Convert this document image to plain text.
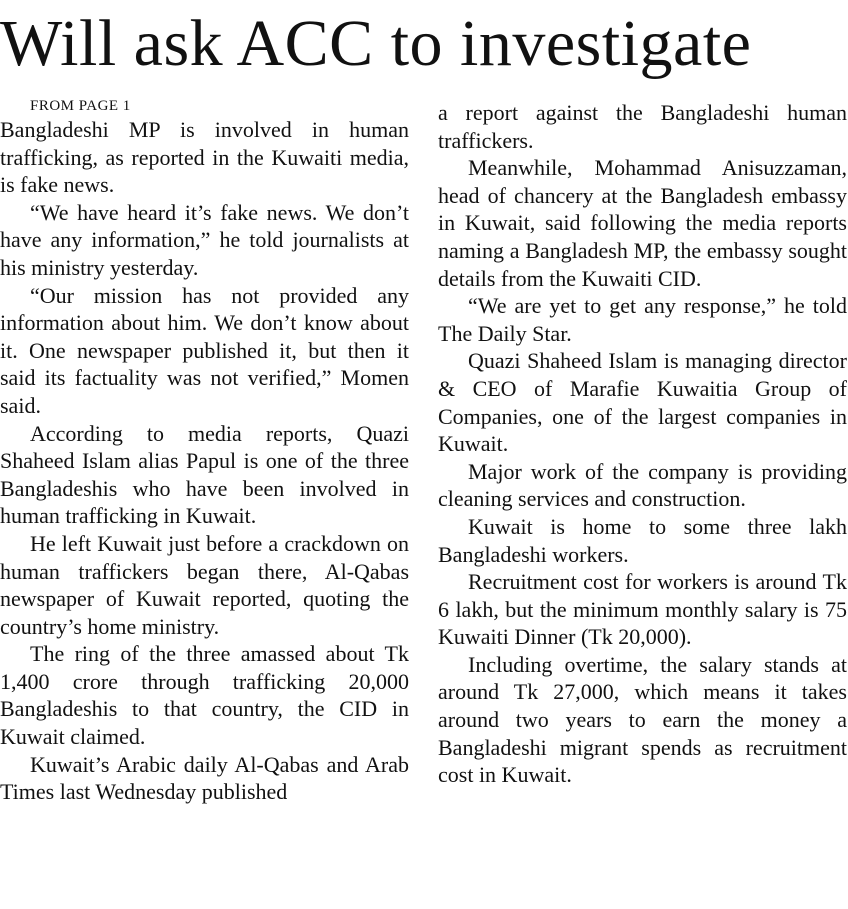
Will ask ACC to investigate

FROM PAGE 1

Bangladeshi MP is involved in human trafficking, as reported in the Kuwaiti media, is fake news.

“We have heard it’s fake news. We don’t have any information,” he told journalists at his ministry yesterday.

“Our mission has not provided any information about him. We don’t know about it. One newspaper published it, but then it said its factuality was not verified,” Momen said.

According to media reports, Quazi Shaheed Islam alias Papul is one of the three Bangladeshis who have been involved in human trafficking in Kuwait.

He left Kuwait just before a crackdown on human traffickers began there, Al-Qabas newspaper of Kuwait reported, quoting the country’s home ministry.

The ring of the three amassed about Tk 1,400 crore through trafficking 20,000 Bangladeshis to that country, the CID in Kuwait claimed.

Kuwait’s Arabic daily Al-Qabas and Arab Times last Wednesday published

a report against the Bangladeshi human traffickers.

Meanwhile, Mohammad Anisuzzaman, head of chancery at the Bangladesh embassy in Kuwait, said following the media reports naming a Bangladesh MP, the embassy sought details from the Kuwaiti CID.

“We are yet to get any response,” he told The Daily Star.

Quazi Shaheed Islam is managing director & CEO of Marafie Kuwaitia Group of Companies, one of the largest companies in Kuwait.

Major work of the company is providing cleaning services and construction.

Kuwait is home to some three lakh Bangladeshi workers.

Recruitment cost for workers is around Tk 6 lakh, but the minimum monthly salary is 75 Kuwaiti Dinner (Tk 20,000).

Including overtime, the salary stands at around Tk 27,000, which means it takes around two years to earn the money a Bangladeshi migrant spends as recruitment cost in Kuwait.
